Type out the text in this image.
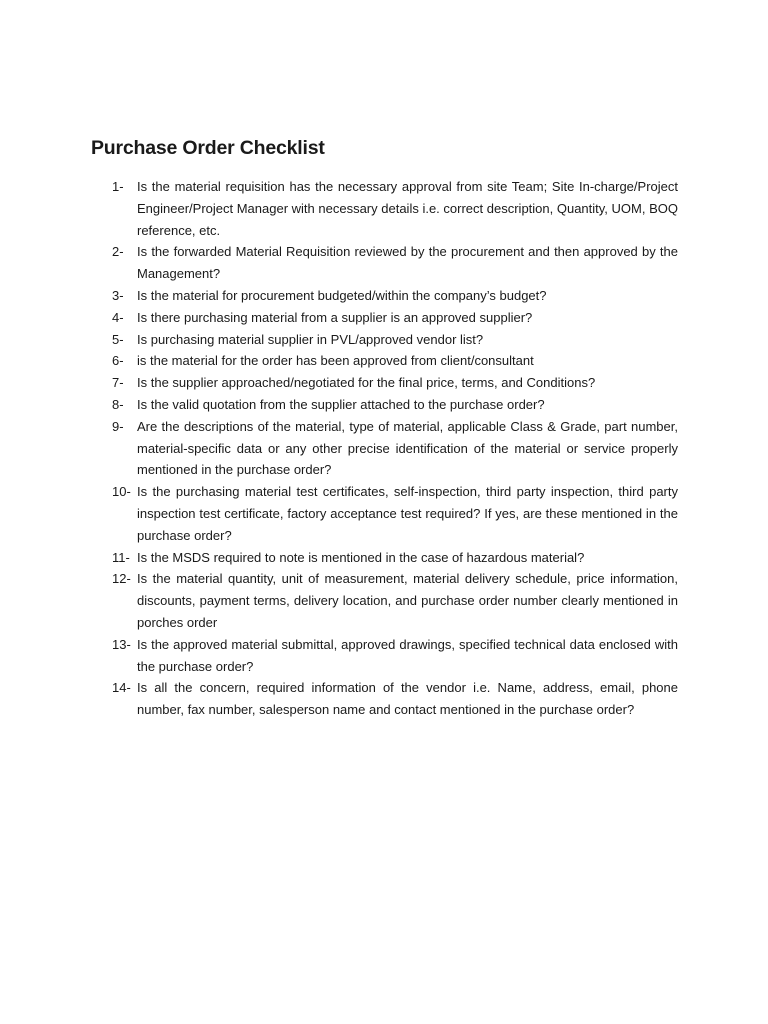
Purchase Order Checklist
1- Is the material requisition has the necessary approval from site Team; Site In-charge/Project Engineer/Project Manager with necessary details i.e. correct description, Quantity, UOM, BOQ reference, etc.
2- Is the forwarded Material Requisition reviewed by the procurement and then approved by the Management?
3- Is the material for procurement budgeted/within the company’s budget?
4- Is there purchasing material from a supplier is an approved supplier?
5- Is purchasing material supplier in PVL/approved vendor list?
6- is the material for the order has been approved from client/consultant
7- Is the supplier approached/negotiated for the final price, terms, and Conditions?
8- Is the valid quotation from the supplier attached to the purchase order?
9- Are the descriptions of the material, type of material, applicable Class & Grade, part number, material-specific data or any other precise identification of the material or service properly mentioned in the purchase order?
10- Is the purchasing material test certificates, self-inspection, third party inspection, third party inspection test certificate, factory acceptance test required? If yes, are these mentioned in the purchase order?
11- Is the MSDS required to note is mentioned in the case of hazardous material?
12- Is the material quantity, unit of measurement, material delivery schedule, price information, discounts, payment terms, delivery location, and purchase order number clearly mentioned in porches order
13- Is the approved material submittal, approved drawings, specified technical data enclosed with the purchase order?
14- Is all the concern, required information of the vendor i.e. Name, address, email, phone number, fax number, salesperson name and contact mentioned in the purchase order?
